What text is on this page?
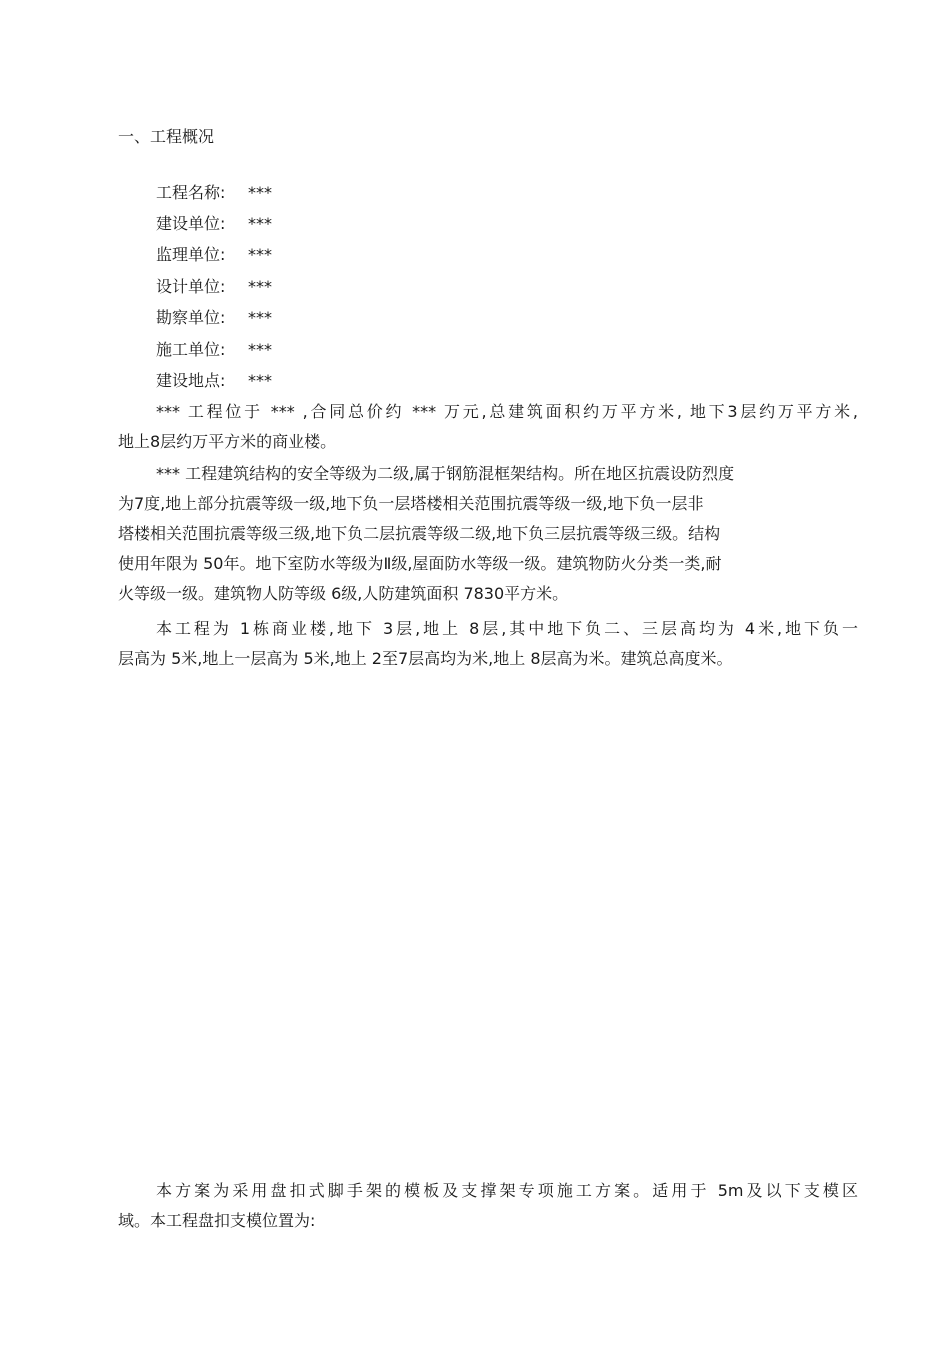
一、工程概况
工程名称: ***
建设单位: ***
监理单位: ***
设计单位: ***
勘察单位: ***
施工单位: ***
建设地点: ***
*** 工程位于 *** ,合同总价约 *** 万元,总建筑面积约万平方米, 地下3层约万平方米,
地上8层约万平方米的商业楼。
*** 工程建筑结构的安全等级为二级,属于钢筋混框架结构。所在地区抗震设防烈度
为7度,地上部分抗震等级一级,地下负一层塔楼相关范围抗震等级一级,地下负一层非
塔楼相关范围抗震等级三级,地下负二层抗震等级二级,地下负三层抗震等级三级。结构
使用年限为 50年。地下室防水等级为Ⅱ级,屋面防水等级一级。建筑物防火分类一类,耐
火等级一级。建筑物人防等级 6级,人防建筑面积 7830平方米。
本工程为 1栋商业楼,地下 3层,地上 8层,其中地下负二、三层高均为 4米,地下负一
层高为 5米,地上一层高为 5米,地上 2至7层高均为米,地上 8层高为米。建筑总高度米。
本方案为采用盘扣式脚手架的模板及支撑架专项施工方案。适用于 5m及以下支模区
域。本工程盘扣支模位置为:
